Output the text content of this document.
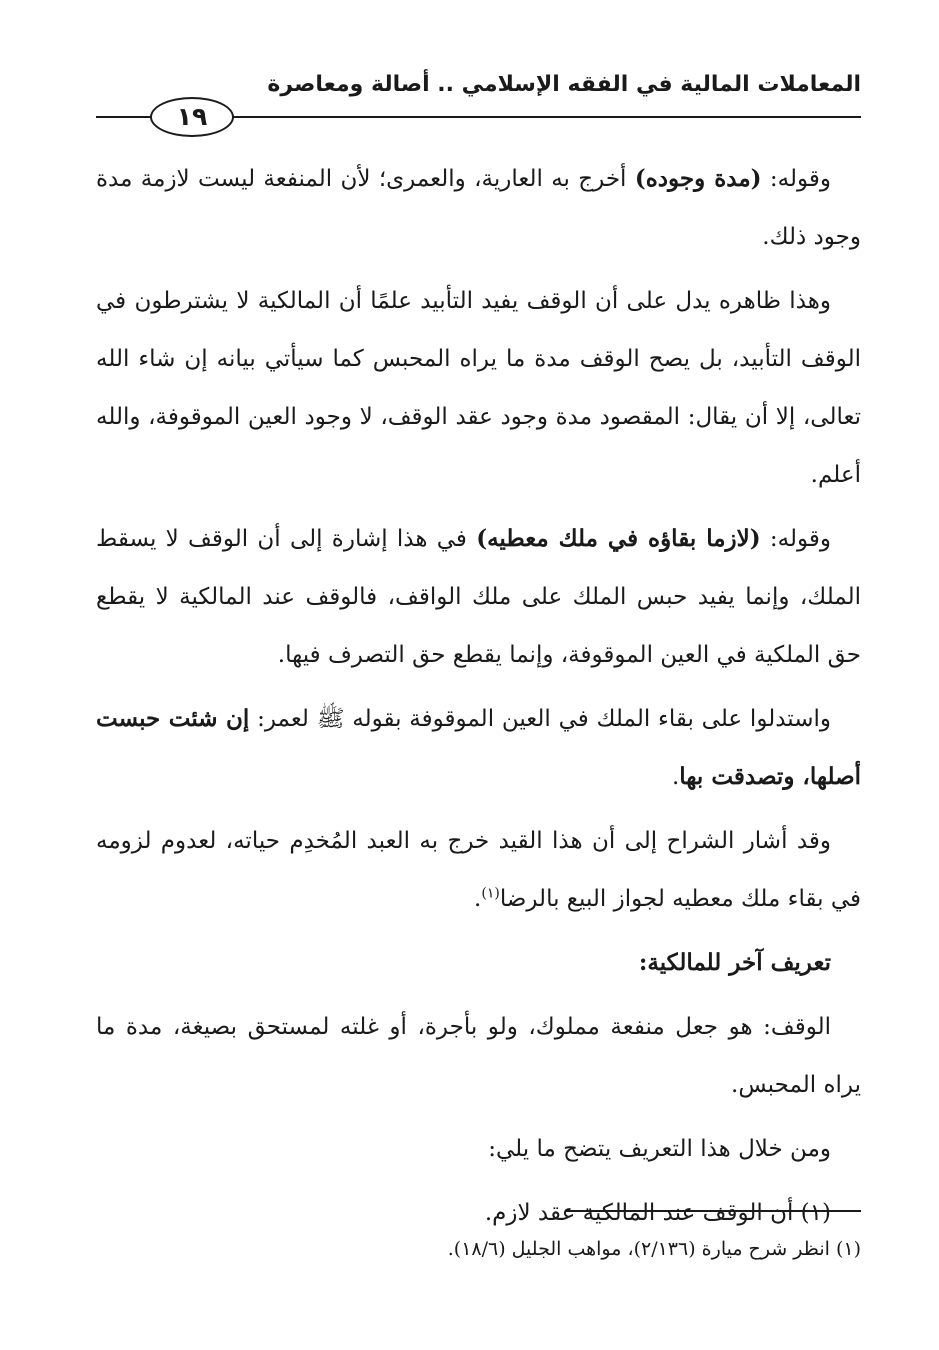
المعاملات المالية في الفقه الإسلامي .. أصالة ومعاصرة
١٩

وقوله: (مدة وجوده) أخرج به العارية، والعمرى؛ لأن المنفعة ليست لازمة مدة وجود ذلك.

وهذا ظاهره يدل على أن الوقف يفيد التأبيد علمًا أن المالكية لا يشترطون في الوقف التأبيد، بل يصح الوقف مدة ما يراه المحبس كما سيأتي بيانه إن شاء الله تعالى، إلا أن يقال: المقصود مدة وجود عقد الوقف، لا وجود العين الموقوفة، والله أعلم.

وقوله: (لازما بقاؤه في ملك معطيه) في هذا إشارة إلى أن الوقف لا يسقط الملك، وإنما يفيد حبس الملك على ملك الواقف، فالوقف عند المالكية لا يقطع حق الملكية في العين الموقوفة، وإنما يقطع حق التصرف فيها.

واستدلوا على بقاء الملك في العين الموقوفة بقوله ﷺ لعمر: إن شئت حبست أصلها، وتصدقت بها.

وقد أشار الشراح إلى أن هذا القيد خرج به العبد المُخدِم حياته، لعدوم لزومه في بقاء ملك معطيه لجواز البيع بالرضا$^{(١)}$.

تعريف آخر للمالكية:

الوقف: هو جعل منفعة مملوك، ولو بأجرة، أو غلته لمستحق بصيغة، مدة ما يراه المحبس.

ومن خلال هذا التعريف يتضح ما يلي:

(١) أن الوقف عند المالكية عقد لازم.

(١) انظر شرح ميارة (٢/١٣٦)، مواهب الجليل (١٨/٦).
